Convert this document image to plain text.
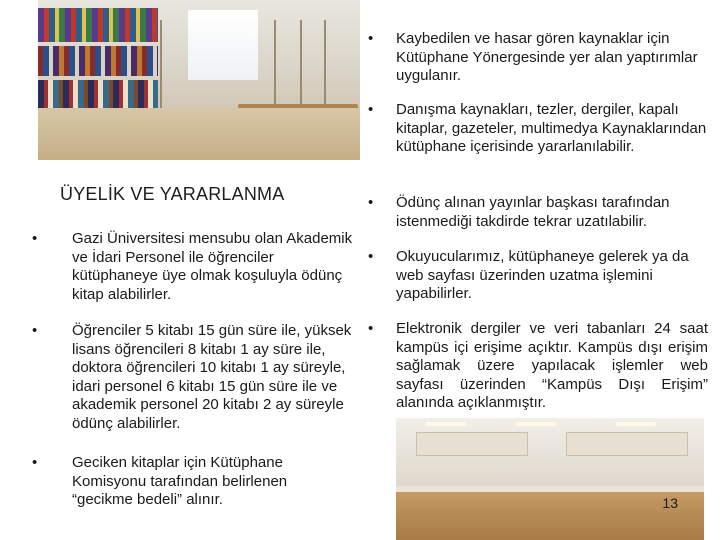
ÜYELİK VE YARARLANMA
• Gazi Üniversitesi mensubu olan Akademik ve İdari Personel ile öğrenciler kütüphaneye üye olmak koşuluyla ödünç kitap alabilirler.
• Öğrenciler 5 kitabı 15 gün süre ile, yüksek lisans öğrencileri 8 kitabı 1 ay süre ile, doktora öğrencileri 10 kitabı 1 ay süreyle, idari personel 6 kitabı 15 gün süre ile ve akademik personel 20 kitabı 2 ay süreyle ödünç alabilirler.
• Geciken kitaplar için Kütüphane Komisyonu tarafından belirlenen “gecikme bedeli” alınır.
• Kaybedilen ve hasar gören kaynaklar için Kütüphane Yönergesinde yer alan yaptırımlar uygulanır.
• Danışma kaynakları, tezler, dergiler, kapalı kitaplar, gazeteler, multimedya Kaynaklarından kütüphane içerisinde yararlanılabilir.
• Ödünç alınan yayınlar başkası tarafından istenmediği takdirde tekrar uzatılabilir.
• Okuyucularımız, kütüphaneye gelerek ya da web sayfası üzerinden uzatma işlemini yapabilirler.
• Elektronik dergiler ve veri tabanları 24 saat kampüs içi erişime açıktır. Kampüs dışı erişim sağlamak üzere yapılacak işlemler web sayfası üzerinden “Kampüs Dışı Erişim” alanında açıklanmıştır.
13
